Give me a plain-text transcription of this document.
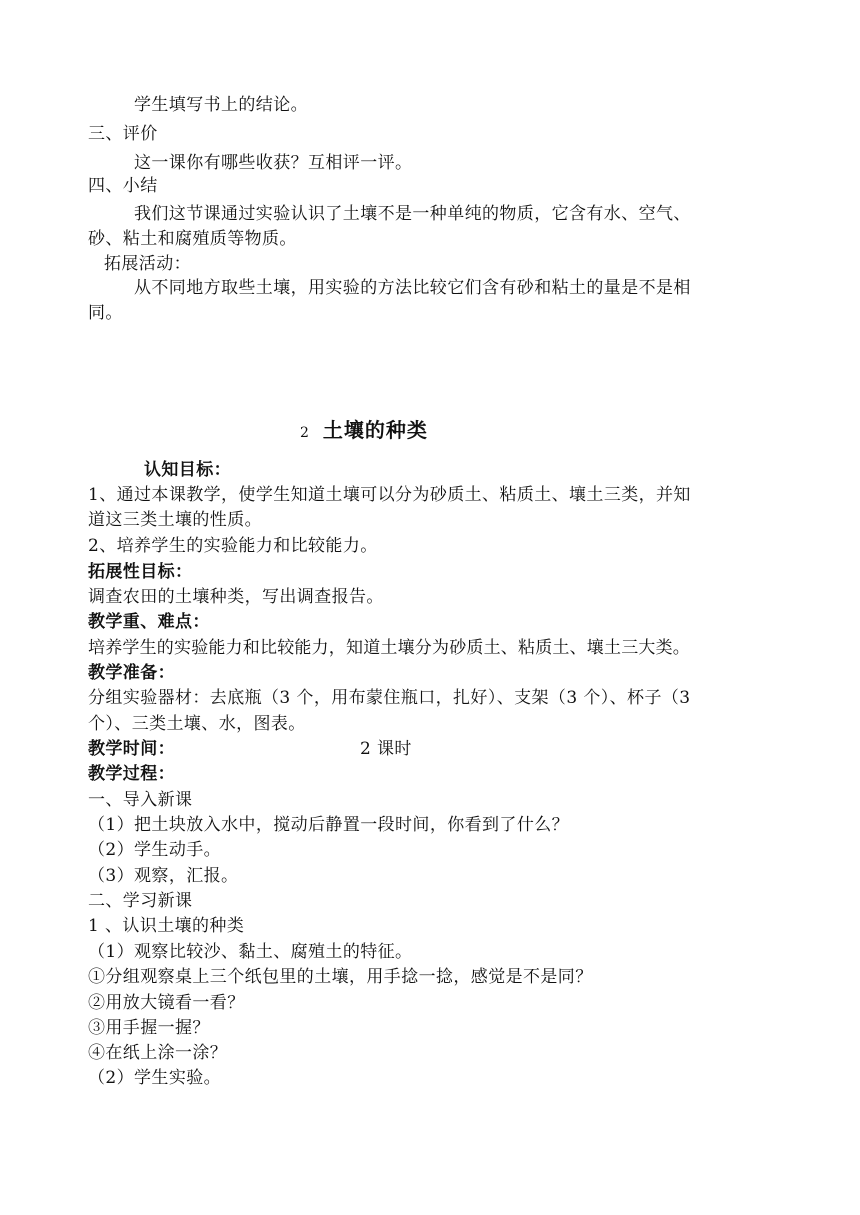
学生填写书上的结论。
三、评价
这一课你有哪些收获？互相评一评。
四、小结
我们这节课通过实验认识了土壤不是一种单纯的物质，它含有水、空气、
砂、粘土和腐殖质等物质。
拓展活动：
从不同地方取些土壤，用实验的方法比较它们含有砂和粘土的量是不是相
同。
2 土壤的种类
认知目标：
1、通过本课教学，使学生知道土壤可以分为砂质土、粘质土、壤土三类，并知
道这三类土壤的性质。
2、培养学生的实验能力和比较能力。
拓展性目标：
调查农田的土壤种类，写出调查报告。
教学重、难点：
培养学生的实验能力和比较能力，知道土壤分为砂质土、粘质土、壤土三大类。
教学准备：
分组实验器材：去底瓶（3 个，用布蒙住瓶口，扎好）、支架（3 个）、杯子（3
个）、三类土壤、水，图表。
教学时间：	2 课时
教学过程：
一、导入新课
（1）把土块放入水中，搅动后静置一段时间，你看到了什么？
（2）学生动手。
（3）观察，汇报。
二、学习新课
1 、认识土壤的种类
（1）观察比较沙、黏土、腐殖土的特征。
①分组观察桌上三个纸包里的土壤，用手捻一捻，感觉是不是同？
②用放大镜看一看？
③用手握一握？
④在纸上涂一涂？
（2）学生实验。
